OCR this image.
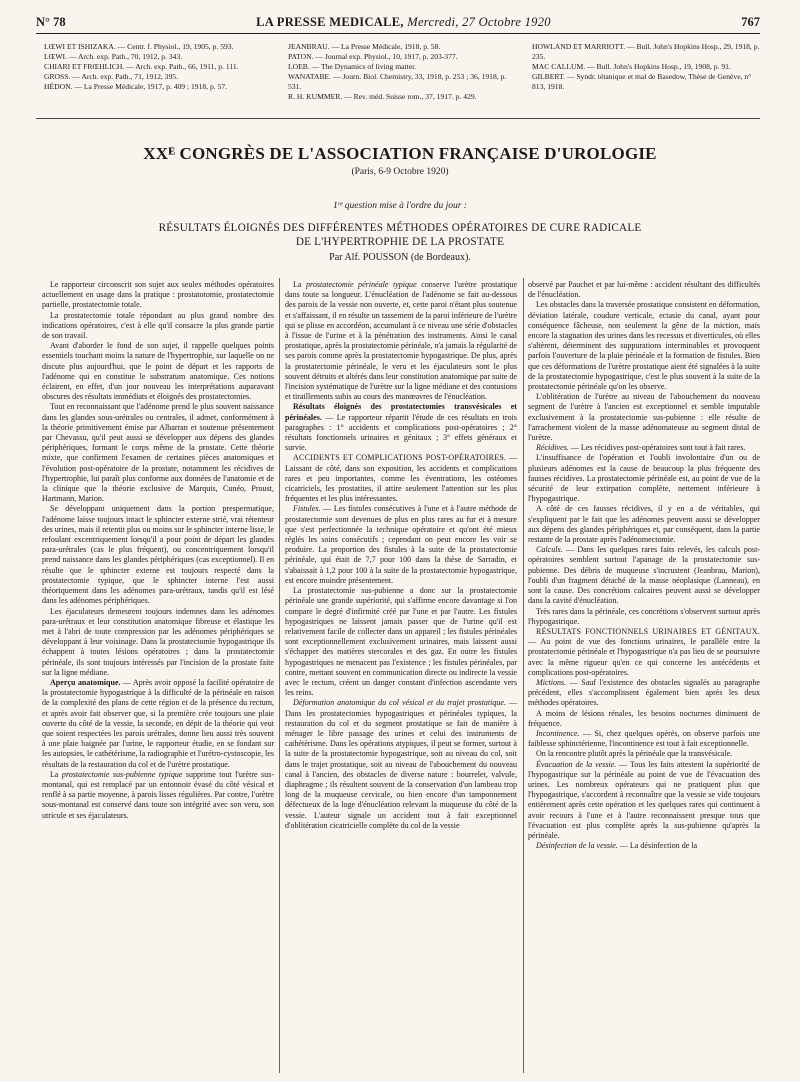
N° 78	LA PRESSE MEDICALE, Mercredi, 27 Octobre 1920	767
LŒWI ET ISHIZAKA. — Centr. f. Physiol., 19, 1905, p. 593.
LŒWI. — Arch. exp. Path., 70, 1912, p. 343.
CHIARI ET FRŒHLICH. — Arch. exp. Path., 66, 1911, p. 111.
GROSS. — Arch. exp. Path., 71, 1912, 395.
HÉDON. — La Presse Médicale, 1917, p. 409 ; 1918, p. 57.
JEANBRAU. — La Presse Médicale, 1918, p. 58.
PATON. — Journal exp. Physiol., 10, 1917, p. 203-377.
LOEB. — The Dynamics of living matter.
WANATABE. — Journ. Biol. Chemistry, 33, 1918, p. 253 ; 36, 1918, p. 531.
R. H. KUMMER. — Rev. méd. Suisse rom., 37, 1917. p. 429.
HOWLAND ET MARRIOTT. — Bull. John's Hopkins Hosp., 29, 1918, p. 235.
MAC CALLUM. — Bull. John's Hopkins Hosp., 19, 1908, p. 91.
GILBERT. — Syndr. tétanique et mal de Basedow, Thèse de Genève, n° 813, 1918.
XXᴱ CONGRÈS DE L'ASSOCIATION FRANÇAISE D'UROLOGIE
(Paris, 6-9 Octobre 1920)
1ʳᵉ question mise à l'ordre du jour :
RÉSULTATS ÉLOIGNÉS DES DIFFÉRENTES MÉTHODES OPÉRATOIRES DE CURE RADICALE
DE L'HYPERTROPHIE DE LA PROSTATE
Par Alf. POUSSON (de Bordeaux).

Le rapporteur circonscrit son sujet aux seules méthodes opératoires actuellement en usage dans la pratique : prostatotomie, prostatectomie partielle, prostatectomie totale.

La prostatectomie totale répondant au plus grand nombre des indications opératoires, c'est à elle qu'il consacre la plus grande partie de son travail.

Avant d'aborder le fond de son sujet, il rappelle quelques points essentiels touchant moins la nature de l'hypertrophie, sur laquelle on ne discute plus aujourd'hui, que le point de départ et les rapports de l'adénome qui en constitue le substratum anatomique. Ces notions éclairent, en effet, d'un jour nouveau les interprétations auparavant obscures des résultats immédiats et éloignés des prostatectomies.

Tout en reconnaissant que l'adénome prend le plus souvent naissance dans les glandes sous-urétrales ou centrales, il admet, conformément à la théorie primitivement émise par Albarran et soutenue présentement par Chevassu, qu'il peut aussi se développer aux dépens des glandes périphériques, formant le corps même de la prostate. Cette théorie mixte, que confirment l'examen de certaines pièces anatomiques et l'évolution post-opératoire de la prostate, notamment les récidives de l'hypertrophie, lui paraît plus conforme aux données de l'anatomie et de la clinique que la théorie exclusive de Marquis, Cunéo, Proust, Hartmann, Marion.

Se développant uniquement dans la portion prespermatique, l'adénome laisse toujours intact le sphincter externe strié, vrai rétenteur des urines, mais il retentit plus ou moins sur le sphincter interne lisse, le refoulant excentriquement lorsqu'il a pour point de départ les glandes para-urétrales (cas le plus fréquent), ou concentriquement lorsqu'il prend naissance dans les glandes périphériques (cas exceptionnel). Il en résulte que le sphincter externe est toujours respecté dans la prostatectomie typique, que le sphincter interne l'est aussi théoriquement dans les adénomes para-urétraux, tandis qu'il est lésé dans les adénomes périphériques.

Les éjaculateurs demeurent toujours indemnes dans les adénomes para-urétraux et leur constitution anatomique fibreuse et élastique les met à l'abri de toute compression par les adénomes périphériques se développant à leur voisinage. Dans la prostatectomie hypogastrique ils échappent à toutes lésions opératoires ; dans la prostatectomie périnéale, ils sont toujours intéressés par l'incision de la prostate faite sur la ligne médiane.

Aperçu anatomique. — Après avoir opposé la facilité opératoire de la prostatectomie hypogastrique à la difficulté de la périnéale en raison de la complexité des plans de cette région et de la présence du rectum, et après avoir fait observer que, si la première crée toujours une plaie ouverte du côté de la vessie, la seconde, en dépit de la théorie qui veut que soient respectées les parois urétrales, donne lieu aussi très souvent à une plaie baignée par l'urine, le rapporteur étudie, en se fondant sur les autopsies, le cathétérisme, la radiographie et l'urétro-cystoscopie, les résultats de la restauration du col et de l'urètre prostatique.

La prostatectomie sus-pubienne typique supprime tout l'urètre sus-montanal, qui est remplacé par un entonnoir évasé du côté vésical et renflé à sa partie moyenne, à parois lisses régulières. Par contre, l'urètre sous-montanal est conservé dans toute son intégrité avec son veru, son utricule et ses éjaculateurs.

La prostatectomie périnéale typique conserve l'urètre prostatique dans toute sa longueur. L'énucléation de l'adénome se fait au-dessous des parois de la vessie non ouverte, et, cette paroi n'étant plus soutenue et s'affaissant, il en résulte un tassement de la paroi inférieure de l'urètre qui se plisse en accordéon, accumulant à ce niveau une série d'obstacles à l'issue de l'urine et à la pénétration des instruments. Ainsi le canal prostatique, après la prostatectomie périnéale, n'a jamais la régularité de ses parois comme après la prostatectomie hypogastrique. De plus, après la prostatectomie périnéale, le veru et les éjaculateurs sont le plus souvent détruits et altérés dans leur constitution anatomique par suite de l'incision systématique de l'urètre sur la ligne médiane et des contusions et tiraillements subis au cours des manœuvres de l'énucléation.

Résultats éloignés des prostatectomies transvésicales et périnéales. — Le rapporteur répartit l'étude de ces résultats en trois paragraphes : 1° accidents et complications post-opératoires ; 2° résultats fonctionnels urinaires et génitaux ; 3° effets généraux et survie.

ACCIDENTS ET COMPLICATIONS POST-OPÉRATOIRES. — Laissant de côté, dans son exposition, les accidents et complications rares et peu importantes, comme les éventrations, les ostéomes cicatriciels, les prostatites, il attire seulement l'attention sur les plus fréquentes et les plus intéressantes.

Fistules. — Les fistules consécutives à l'une et à l'autre méthode de prostatectomie sont devenues de plus en plus rares au fur et à mesure que s'est perfectionnée la technique opératoire et qu'ont été mieux réglés les soins consécutifs ; cependant on peut encore les voir se produire. La proportion des fistules à la suite de la prostatectomie périnéale, qui était de 7,7 pour 100 dans la thèse de Sarradin, et s'abaissait à 1,2 pour 100 à la suite de la prostatectomie hypogastrique, est encore moindre présentement.

La prostatectomie sus-pubienne a donc sur la prostatectomie périnéale une grande supériorité, qui s'affirme encore davantage si l'on compare le degré d'infirmité créé par l'une et par l'autre. Les fistules hypogastriques ne laissent jamais passer que de l'urine qu'il est relativement facile de collecter dans un appareil ; les fistules périnéales sont exceptionnellement exclusivement urinaires, mais laissent aussi s'échapper des matières stercorales et des gaz. En outre les fistules hypogastriques ne menacent pas l'existence ; les fistules périnéales, par contre, mettant souvent en communication directe ou indirecte la vessie avec le rectum, créent un danger constant d'infection ascendante vers les reins.

Déformation anatomique du col vésical et du trajet prostatique. — Dans les prostatectomies hypogastriques et périnéales typiques, la restauration du col et du segment prostatique se fait de manière à ménager le libre passage des urines et celui des instruments de cathétérisme. Dans les opérations atypiques, il peut se former, surtout à la suite de la prostatectomie hypogastrique, soit au niveau du col, soit dans le trajet prostatique, soit au niveau de l'abouchement du nouveau canal à l'ancien, des obstacles de diverse nature : bourrelet, valvule, diaphragme ; ils résultent souvent de la conservation d'un lambeau trop long de la muqueuse cervicale, ou bien encore d'un tamponnement défectueux de la loge d'énucléation relevant la muqueuse du côté de la vessie. L'auteur signale un accident tout à fait exceptionnel d'oblitération cicatricielle complète du col de la vessie

observé par Pauchet et par lui-même : accident résultant des difficultés de l'énucléation.

Les obstacles dans la traversée prostatique consistent en déformation, déviation latérale, coudure verticale, ectasie du canal, ayant pour conséquence fâcheuse, non seulement la gêne de la miction, mais encore la stagnation des urines dans les recessus et diverticules, où elles s'altèrent, déterminent des suppurations interminables et provoquent parfois l'ouverture de la plaie périnéale et la formation de fistules. Bien que ces déformations de l'urètre prostatique aient été signalées à la suite de la prostatectomie hypogastrique, c'est le plus souvent à la suite de la prostatectomie périnéale qu'on les observe.

L'oblitération de l'urètre au niveau de l'abouchement du nouveau segment de l'urètre à l'ancien est exceptionnel et semble imputable exclusivement à la prostatectomie sus-pubienne : elle résulte de l'arrachement violent de la masse adénomateuse au segment distal de l'urètre.

Récidives. — Les récidives post-opératoires sont tout à fait rares.

L'insuffisance de l'opération et l'oubli involontaire d'un ou de plusieurs adénomes est la cause de beaucoup la plus fréquente des fausses récidives. La prostatectomie périnéale est, au point de vue de la sécurité de leur extirpation complète, nettement inférieure à l'hypogastrique.

A côté de ces fausses récidives, il y en a de véritables, qui s'expliquent par le fait que les adénomes peuvent aussi se développer aux dépens des glandes périphériques et, par conséquent, dans la partie restante de la prostate après l'adénomectomie.

Calculs. — Dans les quelques rares faits relevés, les calculs post-opératoires semblent surtout l'apanage de la prostatectomie sus-pubienne. Des débris de muqueuse s'incrustent (Jeanbrau, Marion), l'oubli d'un fragment détaché de la masse néoplasique (Lanneau), en sont la cause. Des concrétions calcaires peuvent aussi se développer dans la cavité d'énucléation.

Très rares dans la périnéale, ces concrétions s'observent surtout après l'hypogastrique.

RÉSULTATS FONCTIONNELS URINAIRES ET GÉNITAUX. — Au point de vue des fonctions urinaires, le parallèle entre la prostatectomie périnéale et l'hypogastrique n'a pas lieu de se poursuivre avec la même rigueur qu'en ce qui concerne les antécédents et complications post-opératoires.

Mictions. — Sauf l'existence des obstacles signalés au paragraphe précédent, elles s'accomplissent également bien après les deux méthodes opératoires.

A moins de lésions rénales, les besoins nocturnes diminuent de fréquence.

Incontinence. — Si, chez quelques opérés, on observe parfois une faiblesse sphinctérienne, l'incontinence est tout à fait exceptionnelle.

On la rencontre plutôt après la périnéale que la transvésicale.

Évacuation de la vessie. — Tous les faits attestent la supériorité de l'hypogastrique sur la périnéale au point de vue de l'évacuation des urines. Les nombreux opérateurs qui ne pratiquent plus que l'hypogastrique, s'accordent à reconnaître que la vessie se vide toujours entièrement après cette opération et les quelques rares qui continuent à avoir recours à l'une et à l'autre reconnaissent presque tous que l'évacuation est plus complète après la sus-pubienne qu'après la périnéale.

Désinfection de la vessie. — La désinfection de la
